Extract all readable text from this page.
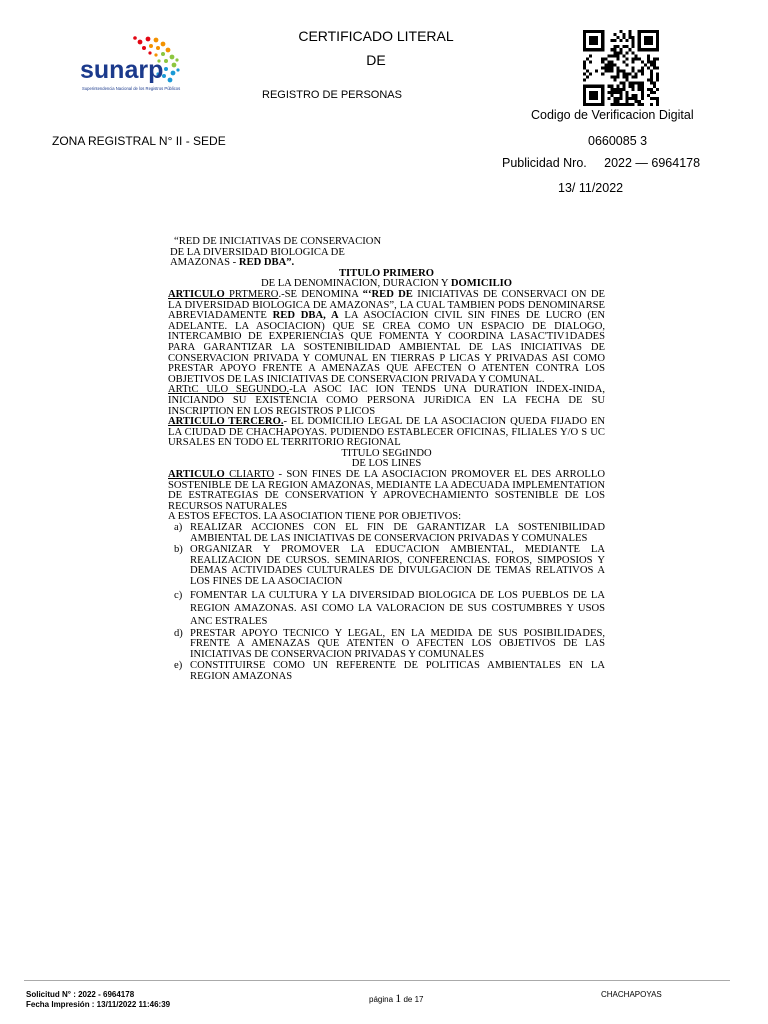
sunarp
Superintendencia Nacional de los Registros Públicos
CERTIFICADO LITERAL
DE
REGISTRO DE PERSONAS
Codigo de Verificacion Digital
0660085 3
Publicidad Nro.     2022 — 6964178
13/ 11/2022
ZONA REGISTRAL N° II - SEDE

“RED DE INICIATIVAS DE CONSERVACION

DE LA DIVERSIDAD BIOLOGICA DE

AMAZONAS - RED DBA”.

TITULO PRIMERO

DE LA DENOMINACION, DURACION Y DOMICILIO

ARTICULO PRTMERO.-SE DENOMINA “‘RED DE INICIATIVAS DE CONSERVACI ON DE LA DIVERSIDAD BIOLOGICA DE AMAZONAS”, LA CUAL TAMBIEN PODS DENOMINARSE ABREVIADAMENTE RED DBA, A LA ASOCIACION CIVIL SIN FINES DE LUCRO (EN ADELANTE. LA ASOCIACION) QUE SE CREA COMO UN ESPACIO DE DIALOGO, INTERCAMBIO DE EXPERIENCIAS QUE FOMENTA Y COORDINA LASAC'TIV1DADES PARA GARANTIZAR LA SOSTENIBILIDAD AMBIENTAL DE LAS INICIATIVAS DE CONSERVACION PRIVADA Y COMUNAL EN TIERRAS P LICAS Y PRIVADAS ASI COMO PRESTAR APOYO FRENTE A AMENAZAS QUE AFECTEN O ATENTEN CONTRA LOS OBJETIVOS DE LAS INICIATIVAS DE CONSERVACION PRIVADA Y COMUNAL.

ARTtC ULO SEGUNDO.-LA ASOC IAC ION TENDS UNA DURATION INDEX-INIDA, INICIANDO SU EXISTENCIA COMO PERSONA JURiDICA EN LA FECHA DE SU INSCRIPTION EN LOS REGISTROS P LICOS

ARTICULO TERCERO.- EL DOMICILIO LEGAL DE LA ASOCIACION QUEDA FIJADO EN LA CIUDAD DE CHACHAPOYAS. PUDIENDO ESTABLECER OFICINAS, FILIALES Y/O S UC URSALES EN TODO EL TERRITORIO REGIONAL

TITULO SEGtINDO

DE LOS LINES

ARTICULO CLIARTO - SON FINES DE LA ASOCIACION PROMOVER EL DES ARROLLO SOSTENIBLE DE LA REGION AMAZONAS, MEDIANTE LA ADECUADA IMPLEMENTATION DE ESTRATEGIAS DE CONSERVATION Y APROVECHAMIENTO SOSTENIBLE DE LOS RECURSOS NATURALES

A ESTOS EFECTOS. LA ASOCIATION TIENE POR OBJETIVOS:

a) REALIZAR ACCIONES CON EL FIN DE GARANTIZAR LA SOSTENIBILIDAD AMBIENTAL DE LAS INICIATIVAS DE CONSERVACION PRIVADAS Y COMUNALES
b) ORGANIZAR Y PROMOVER LA EDUC'ACION AMBIENTAL, MEDIANTE LA REALIZACION DE CURSOS. SEMINARIOS, CONFERENCIAS. FOROS, SIMPOSIOS Y DEMAS ACTIVIDADES CULTURALES DE DIVULGACION DE TEMAS RELATIVOS A LOS FINES DE LA ASOCIACION
c) FOMENTAR LA CULTURA Y LA DIVERSIDAD BIOLOGICA DE LOS PUEBLOS DE LA REGION AMAZONAS. ASI COMO LA VALORACION DE SUS COSTUMBRES Y USOS ANC ESTRALES
d) PRESTAR APOYO TECNICO Y LEGAL, EN LA MEDIDA DE SUS POSIBILIDADES, FRENTE A AMENAZAS QUE ATENTEN O AFECTEN LOS OBJETIVOS DE LAS INICIATIVAS DE CONSERVACION PRIVADAS Y COMUNALES
e) CONSTITUIRSE COMO UN REFERENTE DE POLITICAS AMBIENTALES EN LA REGION AMAZONAS
Solicitud N° : 2022 - 6964178
Fecha Impresión : 13/11/2022 11:46:39
página 1 de 17
CHACHAPOYAS
